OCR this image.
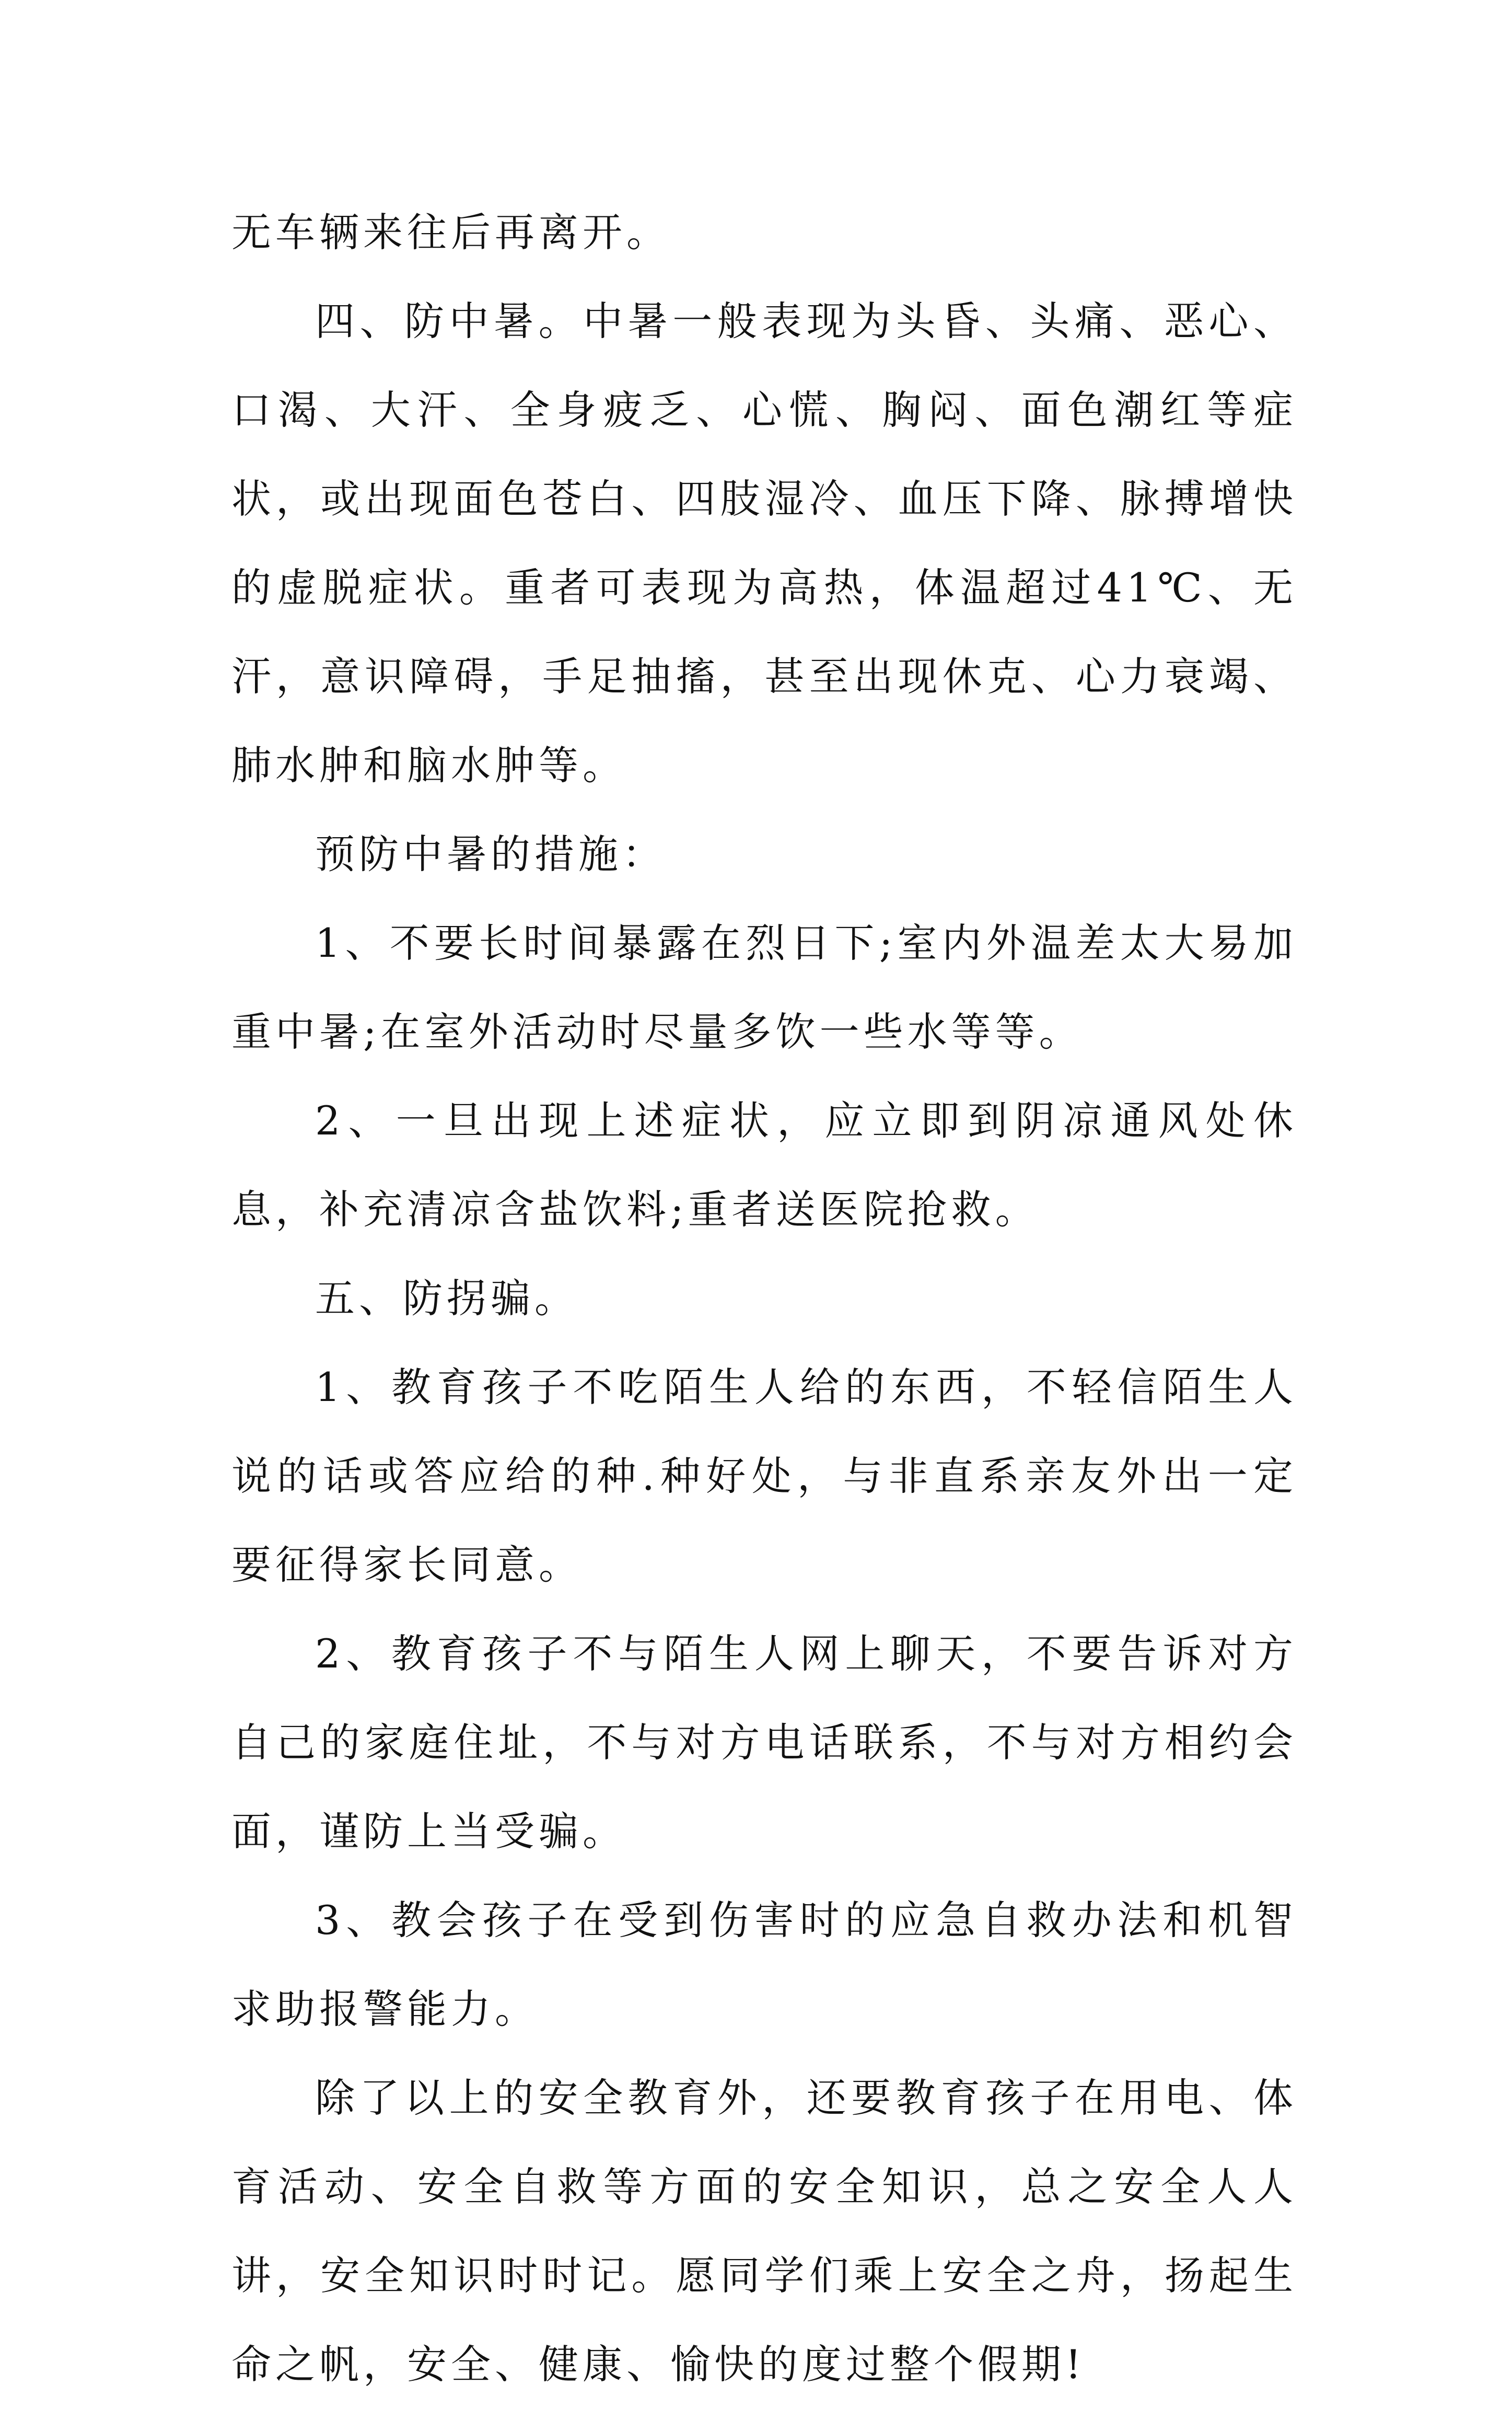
无车辆来往后再离开。

四、防中暑。中暑一般表现为头昏、头痛、恶心、口渴、大汗、全身疲乏、心慌、胸闷、面色潮红等症状，或出现面色苍白、四肢湿冷、血压下降、脉搏增快的虚脱症状。重者可表现为高热，体温超过41℃、无汗，意识障碍，手足抽搐，甚至出现休克、心力衰竭、肺水肿和脑水肿等。

预防中暑的措施：

1、不要长时间暴露在烈日下;室内外温差太大易加重中暑;在室外活动时尽量多饮一些水等等。

2、一旦出现上述症状，应立即到阴凉通风处休息，补充清凉含盐饮料;重者送医院抢救。

五、防拐骗。

1、教育孩子不吃陌生人给的东西，不轻信陌生人说的话或答应给的种.种好处，与非直系亲友外出一定要征得家长同意。

2、教育孩子不与陌生人网上聊天，不要告诉对方自己的家庭住址，不与对方电话联系，不与对方相约会面，谨防上当受骗。

3、教会孩子在受到伤害时的应急自救办法和机智求助报警能力。

除了以上的安全教育外，还要教育孩子在用电、体育活动、安全自救等方面的安全知识，总之安全人人讲，安全知识时时记。愿同学们乘上安全之舟，扬起生命之帆，安全、健康、愉快的度过整个假期!
